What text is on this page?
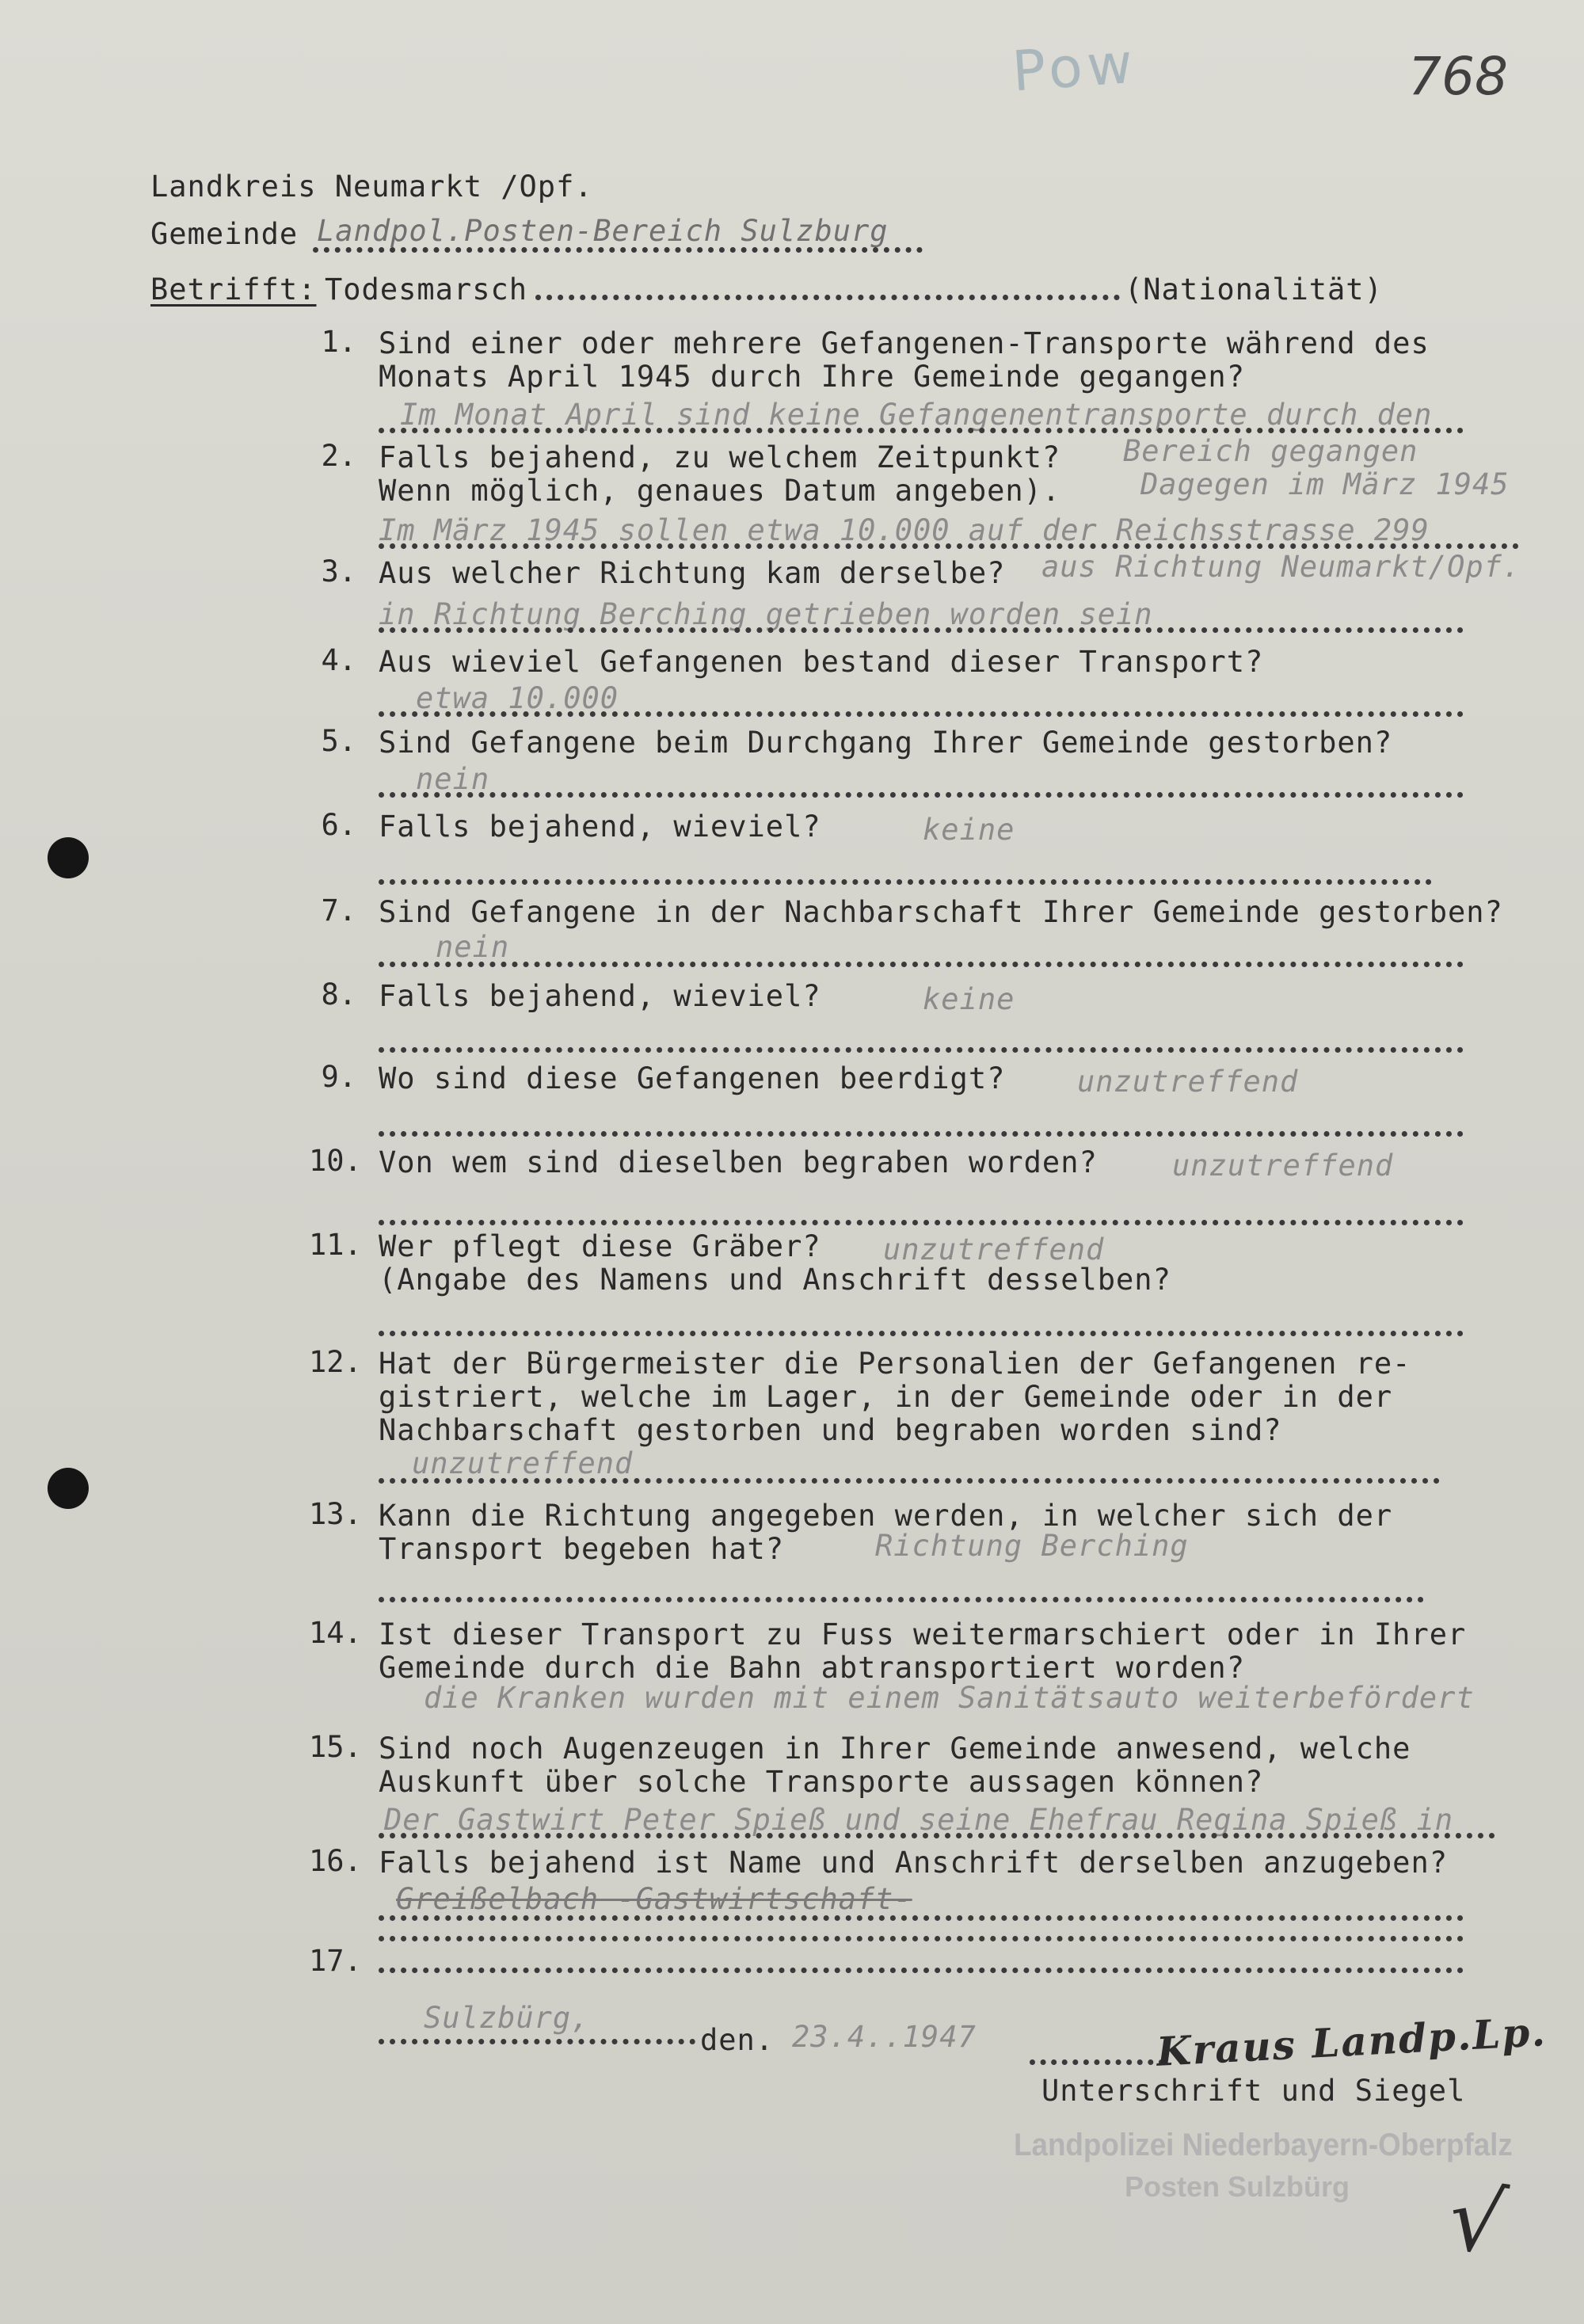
Pow	768
Landkreis Neumarkt /Opf.
Gemeinde Landpol.Posten-Bereich Sulzburg
Betrifft: Todesmarsch	(Nationalität)
1. Sind einer oder mehrere Gefangenen-Transporte während des
Monats April 1945 durch Ihre Gemeinde gegangen?
Im Monat April sind keine Gefangenentransporte durch den
2. Falls bejahend, zu welchem Zeitpunkt?
Wenn möglich, genaues Datum angeben).
Bereich gegangen
Dagegen im März 1945
Im März 1945 sollen etwa 10.000 auf der Reichsstrasse 299
3. Aus welcher Richtung kam derselbe? aus Richtung Neumarkt/Opf.
in Richtung Berching getrieben worden sein
4. Aus wieviel Gefangenen bestand dieser Transport?
etwa 10.000
5. Sind Gefangene beim Durchgang Ihrer Gemeinde gestorben?
nein
6. Falls bejahend, wieviel?	keine
7. Sind Gefangene in der Nachbarschaft Ihrer Gemeinde gestorben?
nein
8. Falls bejahend, wieviel?	keine
9. Wo sind diese Gefangenen beerdigt? unzutreffend
10. Von wem sind dieselben begraben worden?	unzutreffend
11. Wer pflegt diese Gräber? unzutreffend
(Angabe des Namens und Anschrift desselben?
12. Hat der Bürgermeister die Personalien der Gefangenen re-
gistriert, welche im Lager, in der Gemeinde oder in der
Nachbarschaft gestorben und begraben worden sind?
unzutreffend
13. Kann die Richtung angegeben werden, in welcher sich der
Transport begeben hat?	Richtung Berching
14. Ist dieser Transport zu Fuss weitermarschiert oder in Ihrer
Gemeinde durch die Bahn abtransportiert worden?
die Kranken wurden mit einem Sanitätsauto weiterbefördert
15. Sind noch Augenzeugen in Ihrer Gemeinde anwesend, welche
Auskunft über solche Transporte aussagen können?
Der Gastwirt Peter Spieß und seine Ehefrau Regina Spieß in
16. Falls bejahend ist Name und Anschrift derselben anzugeben?
Greißelbach -Gastwirtschaft-
17.
Sulzbürg,
den. 23.4..1947	Kraus Landp.Lp.
Unterschrift und Siegel
Landpolizei Niederbayern-Oberpfalz
Posten Sulzbürg √
